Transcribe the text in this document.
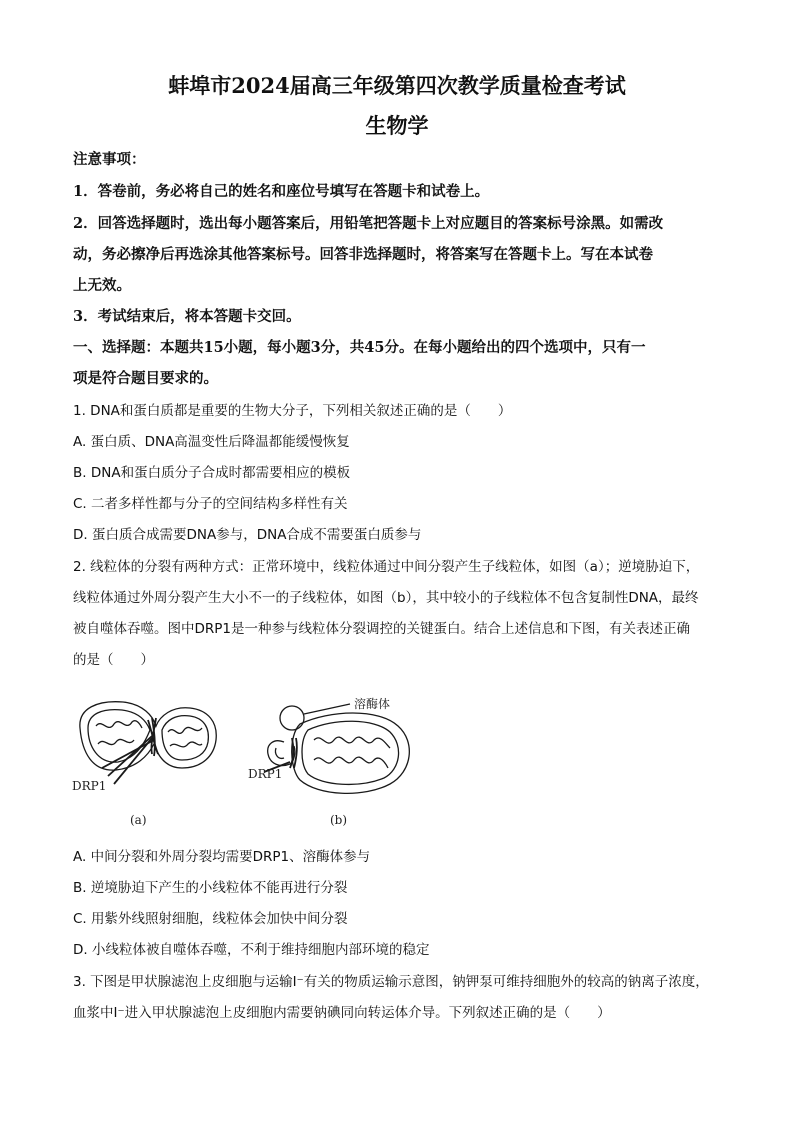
蚌埠市2024届高三年级第四次教学质量检查考试
生物学
注意事项：
1．答卷前，务必将自己的姓名和座位号填写在答题卡和试卷上。
2．回答选择题时，选出每小题答案后，用铅笔把答题卡上对应题目的答案标号涂黑。如需改
动，务必擦净后再选涂其他答案标号。回答非选择题时，将答案写在答题卡上。写在本试卷
上无效。
3．考试结束后，将本答题卡交回。
一、选择题：本题共15小题，每小题3分，共45分。在每小题给出的四个选项中，只有一
项是符合题目要求的。
1. DNA和蛋白质都是重要的生物大分子，下列相关叙述正确的是（　　）
A. 蛋白质、DNA高温变性后降温都能缓慢恢复
B. DNA和蛋白质分子合成时都需要相应的模板
C. 二者多样性都与分子的空间结构多样性有关
D. 蛋白质合成需要DNA参与，DNA合成不需要蛋白质参与
2. 线粒体的分裂有两种方式：正常环境中，线粒体通过中间分裂产生子线粒体，如图（a）；逆境胁迫下，
线粒体通过外周分裂产生大小不一的子线粒体，如图（b），其中较小的子线粒体不包含复制性DNA，最终
被自噬体吞噬。图中DRP1是一种参与线粒体分裂调控的关键蛋白。结合上述信息和下图，有关表述正确
的是（　　）
DRP1
(a)
溶酶体
DRP1
(b)
A. 中间分裂和外周分裂均需要DRP1、溶酶体参与
B. 逆境胁迫下产生的小线粒体不能再进行分裂
C. 用紫外线照射细胞，线粒体会加快中间分裂
D. 小线粒体被自噬体吞噬，不利于维持细胞内部环境的稳定
3. 下图是甲状腺滤泡上皮细胞与运输I⁻有关的物质运输示意图，钠钾泵可维持细胞外的较高的钠离子浓度，
血浆中I⁻进入甲状腺滤泡上皮细胞内需要钠碘同向转运体介导。下列叙述正确的是（　　）
